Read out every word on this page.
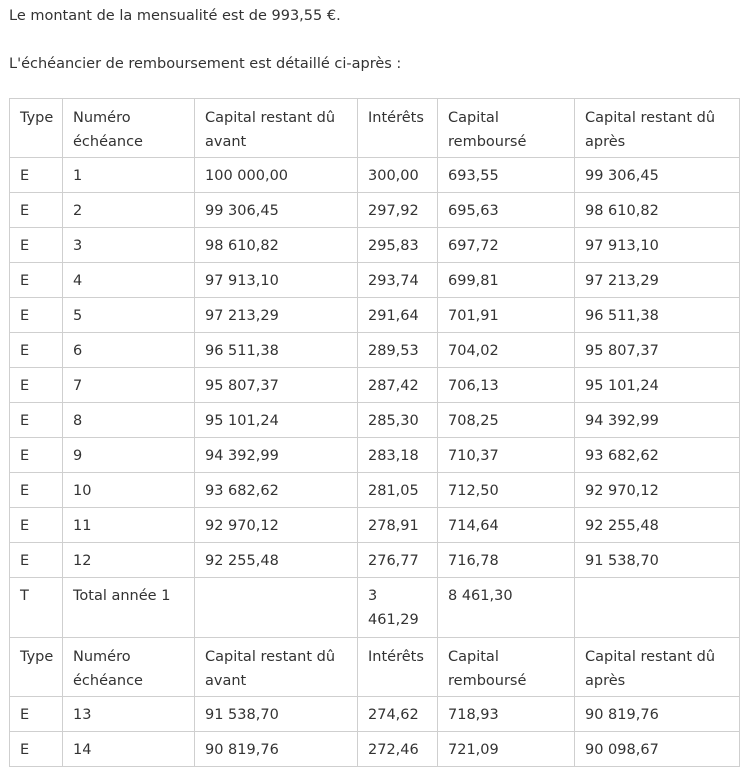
Le montant de la mensualité est de 993,55 €.

L'échéancier de remboursement est détaillé ci-après :

Type	Numéro échéance	Capital restant dû avant	Intérêts	Capital remboursé	Capital restant dû après
E	1	100 000,00	300,00	693,55	99 306,45
E	2	99 306,45	297,92	695,63	98 610,82
E	3	98 610,82	295,83	697,72	97 913,10
E	4	97 913,10	293,74	699,81	97 213,29
E	5	97 213,29	291,64	701,91	96 511,38
E	6	96 511,38	289,53	704,02	95 807,37
E	7	95 807,37	287,42	706,13	95 101,24
E	8	95 101,24	285,30	708,25	94 392,99
E	9	94 392,99	283,18	710,37	93 682,62
E	10	93 682,62	281,05	712,50	92 970,12
E	11	92 970,12	278,91	714,64	92 255,48
E	12	92 255,48	276,77	716,78	91 538,70
T	Total année 1		3 461,29	8 461,30	
Type	Numéro échéance	Capital restant dû avant	Intérêts	Capital remboursé	Capital restant dû après
E	13	91 538,70	274,62	718,93	90 819,76
E	14	90 819,76	272,46	721,09	90 098,67
